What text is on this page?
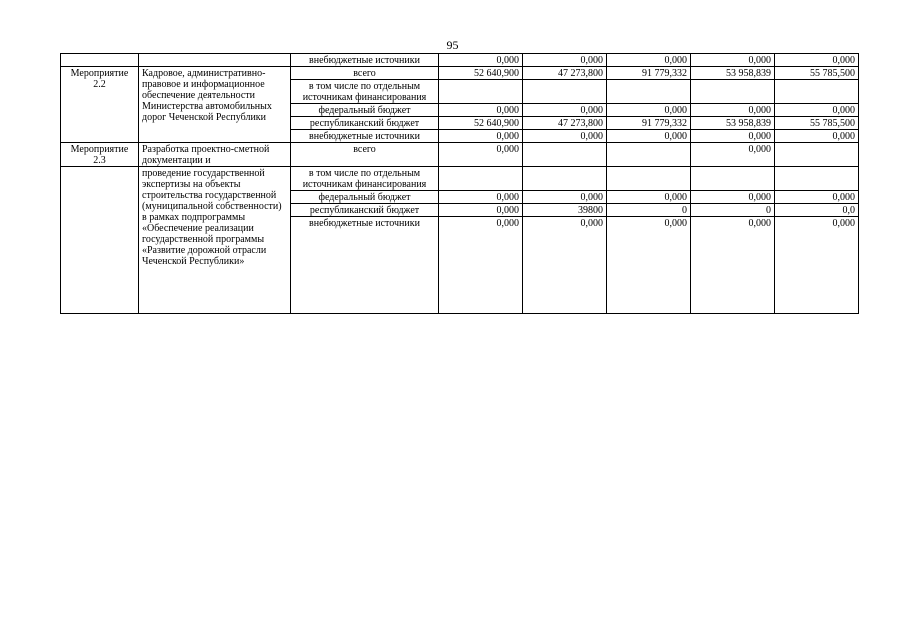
95
		внебюджетные источники	0,000	0,000	0,000	0,000	0,000
Мероприятие 2.2	Кадровое, административно-правовое и информационное обеспечение деятельности Министерства автомобильных дорог Чеченской Республики	всего	52 640,900	47 273,800	91 779,332	53 958,839	55 785,500
		в том числе по отдельным источникам финансирования					
		федеральный бюджет	0,000	0,000	0,000	0,000	0,000
		республиканский бюджет	52 640,900	47 273,800	91 779,332	53 958,839	55 785,500
		внебюджетные источники	0,000	0,000	0,000	0,000	0,000
Мероприятие 2.3	Разработка проектно-сметной документации и	всего	0,000			0,000	
	проведение государственной экспертизы на объекты строительства государственной (муниципальной собственности) в рамках подпрограммы «Обеспечение реализации государственной программы «Развитие дорожной отрасли Чеченской Республики»	в том числе по отдельным источникам финансирования					
		федеральный бюджет	0,000	0,000	0,000	0,000	0,000
		республиканский бюджет	0,000	39800	0	0	0,0
		внебюджетные источники	0,000	0,000	0,000	0,000	0,000
